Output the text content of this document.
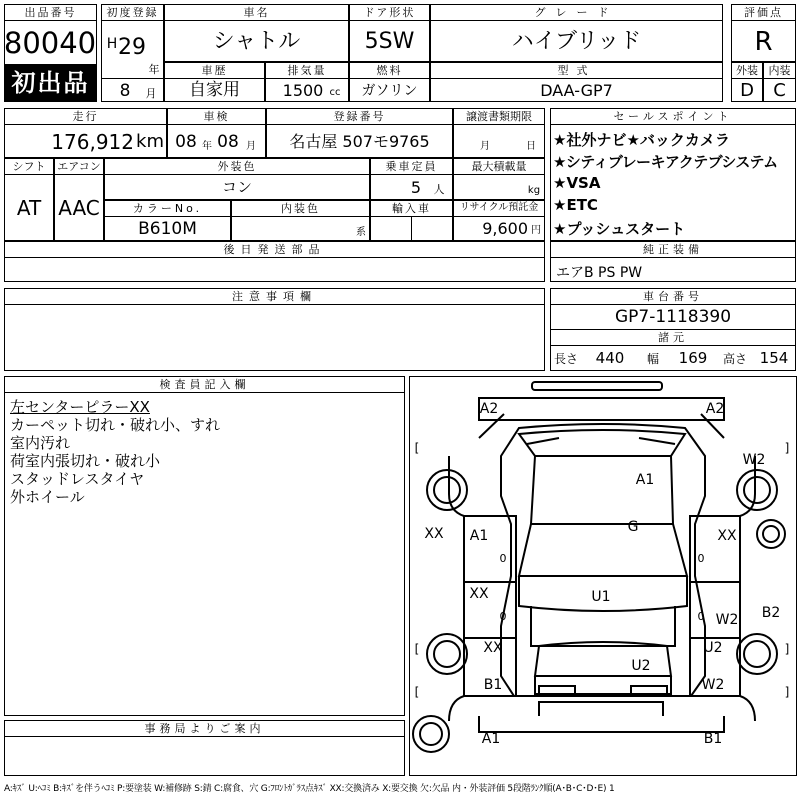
出品番号
80040
初出品
初度登録
H 29
年
8	月
車名
シャトル
ドア形状
5SW
グレード
ハイブリッド
評価点
R
車歴
自家用
排気量
1500 cc
燃料
ガソリン
型式
DAA-GP7
外装
D
内装
C
走行
176,912 km
車検
08 年 08 月
登録番号
名古屋 507モ9765
譲渡書類期限
月	日
シフト
AT
エアコン
AAC
外装色
コン
乗車定員
5 人
最大積載量
kg
カラーNo.
B610M
内装色
系
輸入車	リサイクル預託金
9,600 円
後日発送部品
セールスポイント
★社外ナビ★バックカメラ
★シティブレーキアクテブシステム
★VSA
★ETC
★プッシュスタート
純正装備
エアB PS PW
注意事項欄	車台番号
GP7-1118390
諸元
長さ 440	幅 169	高さ 154
検査員記入欄
左センターピラーXX
カーペット切れ・破れ小、すれ
室内汚れ
荷室内張切れ・破れ小
スタッドレスタイヤ
外ホイール
事務局よりご案内
A:ｷｽﾞ U:ﾍｺﾐ B:ｷｽﾞを伴うﾍｺﾐ P:要塗装 W:補修跡 S:錆 C:腐食、穴 G:ﾌﾛﾝﾄｶﾞﾗｽ点ｷｽﾞ XX:交換済み X:要交換 欠:欠品 内・外装評価 5段階ﾗﾝｸ順(A･B･C･D･E) 1
A2	A2
W2
A1
G
XX A1	XX
U1
XX
W2 B2
XX	U2
U2
B1	W2
A1	B1
0	0
0	0
[	]
[	]
[	]
